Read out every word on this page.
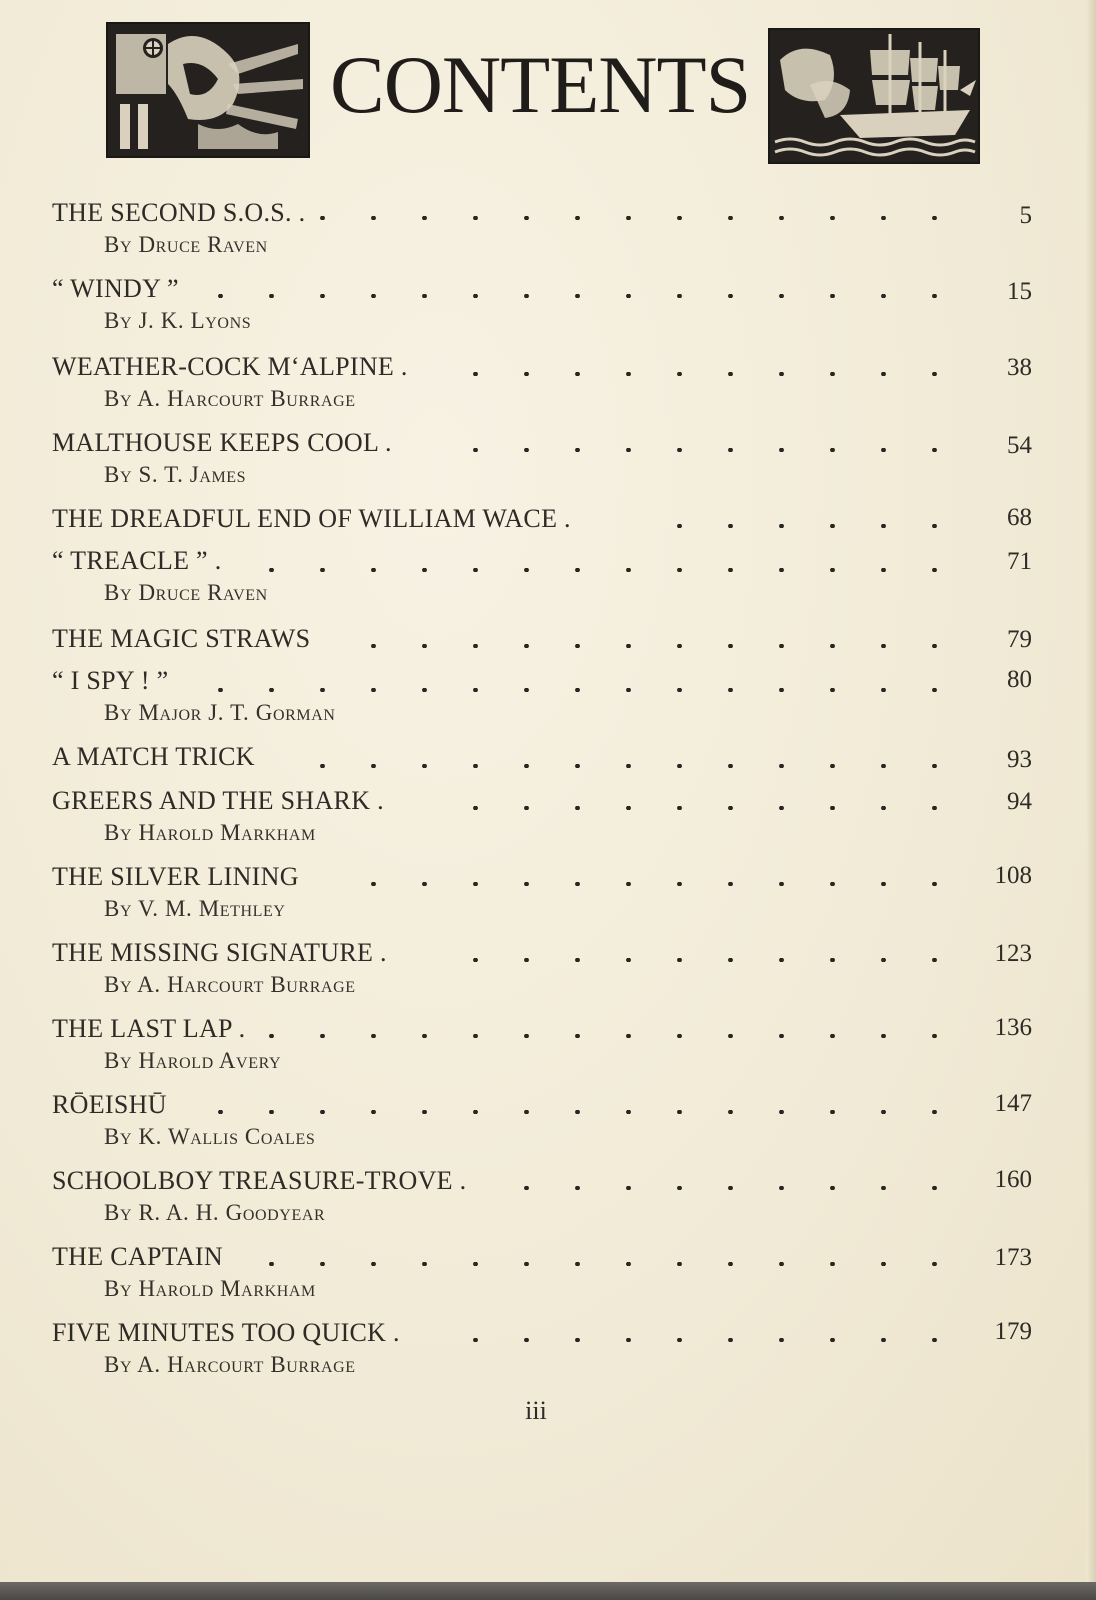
CONTENTS
THE SECOND S.O.S. .	5
By Druce Raven
“ WINDY ”	15
By J. K. Lyons
WEATHER-COCK M‘ALPINE .	38
By A. Harcourt Burrage
MALTHOUSE KEEPS COOL .	54
By S. T. James
THE DREADFUL END OF WILLIAM WACE .	68
“ TREACLE ” .	71
By Druce Raven
THE MAGIC STRAWS	79
“ I SPY ! ”	80
By Major J. T. Gorman
A MATCH TRICK	93
GREERS AND THE SHARK .	94
By Harold Markham
THE SILVER LINING	108
By V. M. Methley
THE MISSING SIGNATURE .	123
By A. Harcourt Burrage
THE LAST LAP .	136
By Harold Avery
RŌEISHŪ	147
By K. Wallis Coales
SCHOOLBOY TREASURE-TROVE .	160
By R. A. H. Goodyear
THE CAPTAIN	173
By Harold Markham
FIVE MINUTES TOO QUICK .	179
By A. Harcourt Burrage
iii
